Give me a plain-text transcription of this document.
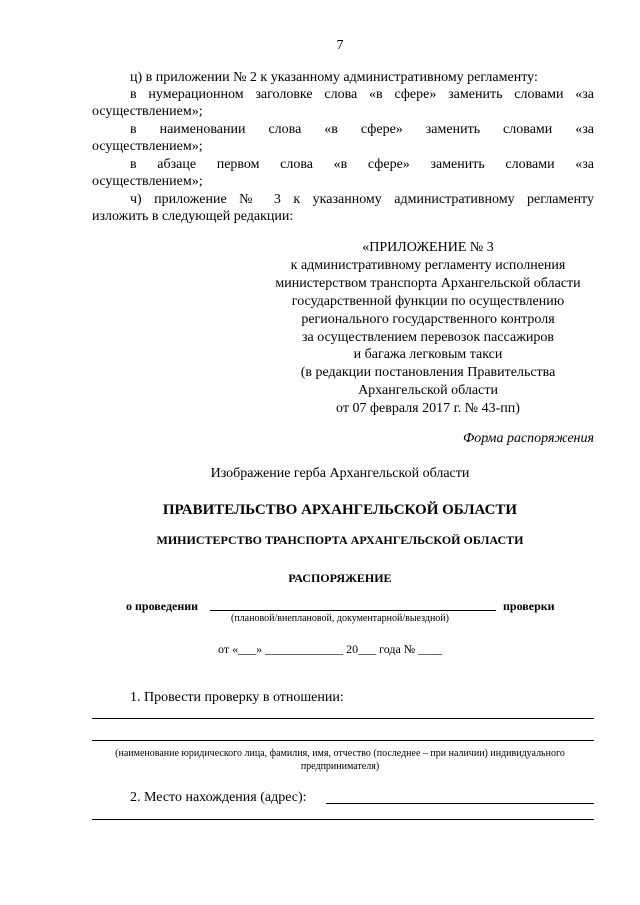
7
ц) в приложении № 2 к указанному административному регламенту:
в нумерационном заголовке слова «в сфере» заменить словами «за
осуществлением»;
в наименовании слова «в сфере» заменить словами «за
осуществлением»;
в абзаце первом слова «в сфере» заменить словами «за
осуществлением»;
ч) приложение № 3 к указанному административному регламенту
изложить в следующей редакции:
«ПРИЛОЖЕНИЕ № 3
к административному регламенту исполнения
министерством транспорта Архангельской области
государственной функции по осуществлению
регионального государственного контроля
за осуществлением перевозок пассажиров
и багажа легковым такси
(в редакции постановления Правительства
Архангельской области
от 07 февраля 2017 г. № 43-пп)
Форма распоряжения
Изображение герба Архангельской области
ПРАВИТЕЛЬСТВО АРХАНГЕЛЬСКОЙ ОБЛАСТИ
МИНИСТЕРСТВО ТРАНСПОРТА АРХАНГЕЛЬСКОЙ ОБЛАСТИ
РАСПОРЯЖЕНИЕ
о проведении	проверки
(плановой/внеплановой, документарной/выездной)
от «___» _____________ 20___ года № ____
1. Провести проверку в отношении:
(наименование юридического лица, фамилия, имя, отчество (последнее – при наличии) индивидуального
предпринимателя)
2. Место нахождения (адрес):
